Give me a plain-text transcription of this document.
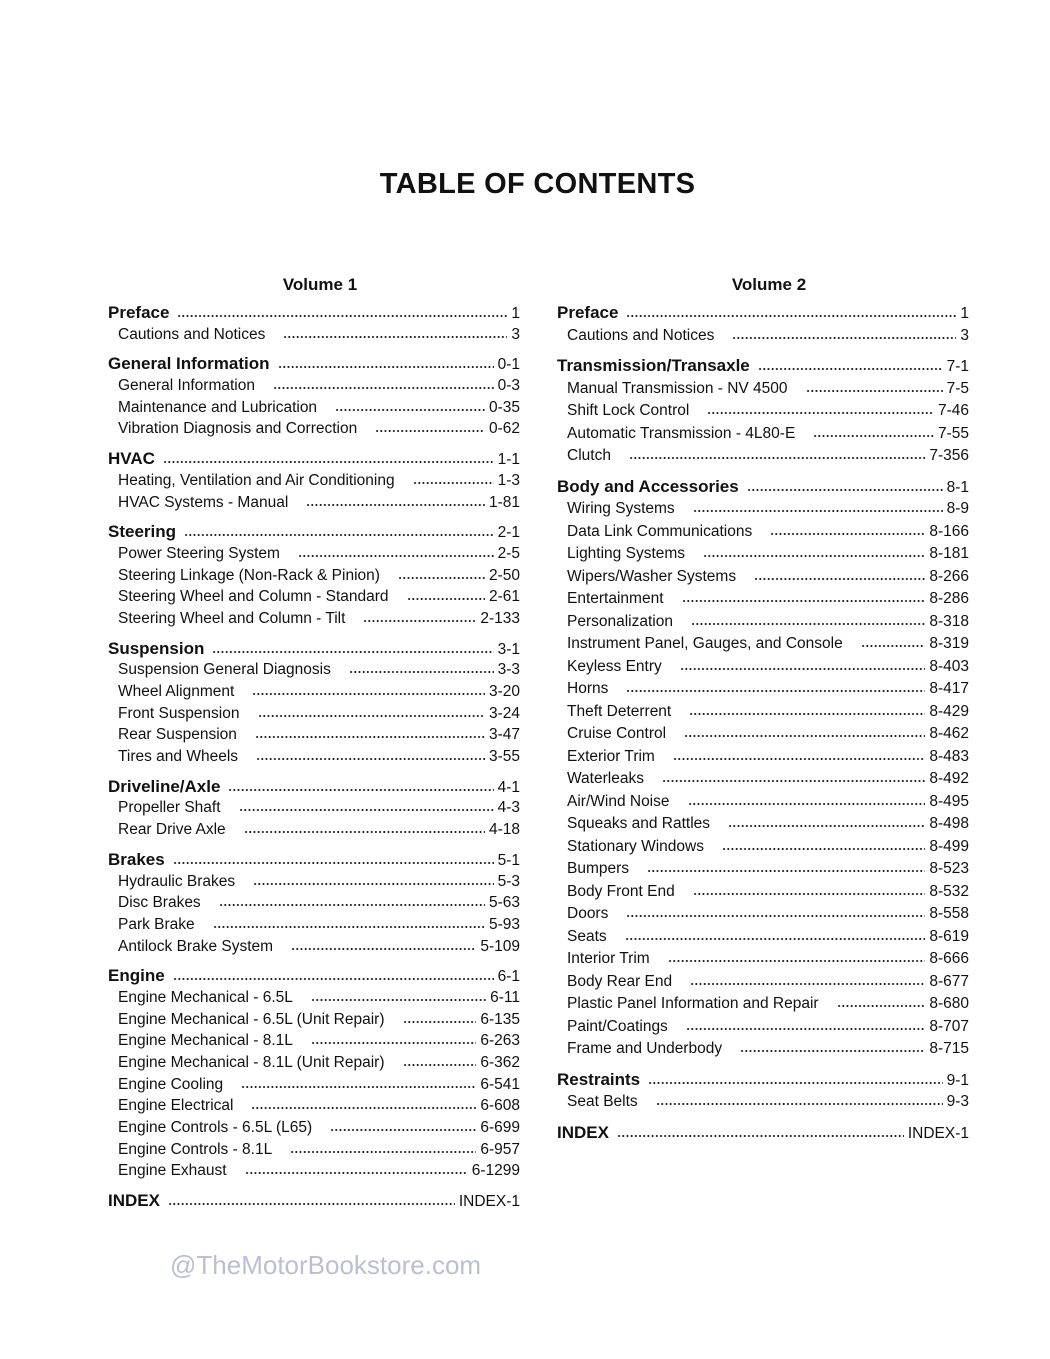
TABLE OF CONTENTS
Volume 1
Preface	1
Cautions and Notices	3
General Information	0-1
General Information	0-3
Maintenance and Lubrication	0-35
Vibration Diagnosis and Correction	0-62
HVAC	1-1
Heating, Ventilation and Air Conditioning	1-3
HVAC Systems - Manual	1-81
Steering	2-1
Power Steering System	2-5
Steering Linkage (Non-Rack & Pinion)	2-50
Steering Wheel and Column - Standard	2-61
Steering Wheel and Column - Tilt	2-133
Suspension	3-1
Suspension General Diagnosis	3-3
Wheel Alignment	3-20
Front Suspension	3-24
Rear Suspension	3-47
Tires and Wheels	3-55
Driveline/Axle	4-1
Propeller Shaft	4-3
Rear Drive Axle	4-18
Brakes	5-1
Hydraulic Brakes	5-3
Disc Brakes	5-63
Park Brake	5-93
Antilock Brake System	5-109
Engine	6-1
Engine Mechanical - 6.5L	6-11
Engine Mechanical - 6.5L (Unit Repair)	6-135
Engine Mechanical - 8.1L	6-263
Engine Mechanical - 8.1L (Unit Repair)	6-362
Engine Cooling	6-541
Engine Electrical	6-608
Engine Controls - 6.5L (L65)	6-699
Engine Controls - 8.1L	6-957
Engine Exhaust	6-1299
INDEX	INDEX-1
Volume 2
Preface	1
Cautions and Notices	3
Transmission/Transaxle	7-1
Manual Transmission - NV 4500	7-5
Shift Lock Control	7-46
Automatic Transmission - 4L80-E	7-55
Clutch	7-356
Body and Accessories	8-1
Wiring Systems	8-9
Data Link Communications	8-166
Lighting Systems	8-181
Wipers/Washer Systems	8-266
Entertainment	8-286
Personalization	8-318
Instrument Panel, Gauges, and Console	8-319
Keyless Entry	8-403
Horns	8-417
Theft Deterrent	8-429
Cruise Control	8-462
Exterior Trim	8-483
Waterleaks	8-492
Air/Wind Noise	8-495
Squeaks and Rattles	8-498
Stationary Windows	8-499
Bumpers	8-523
Body Front End	8-532
Doors	8-558
Seats	8-619
Interior Trim	8-666
Body Rear End	8-677
Plastic Panel Information and Repair	8-680
Paint/Coatings	8-707
Frame and Underbody	8-715
Restraints	9-1
Seat Belts	9-3
INDEX	INDEX-1
@TheMotorBookstore.com
